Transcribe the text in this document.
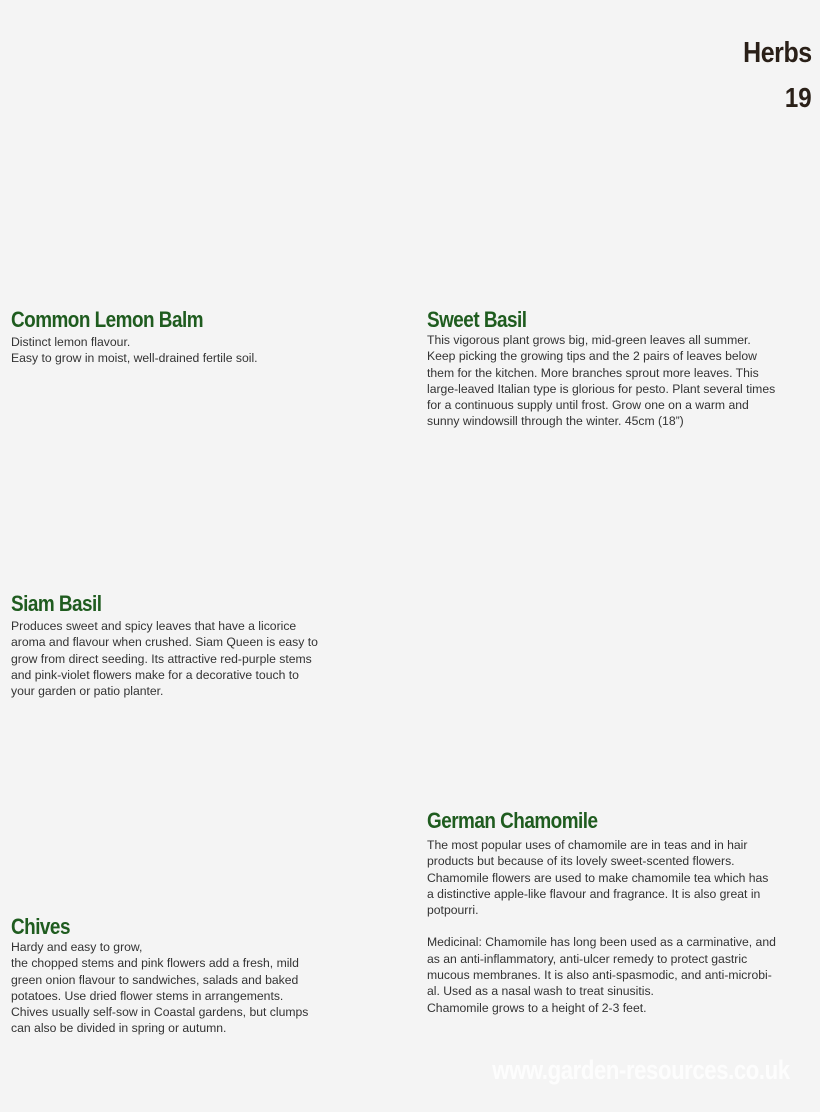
Herbs
19
Common Lemon Balm

Distinct lemon flavour.
Easy to grow in moist, well-drained fertile soil.

Sweet Basil

This vigorous plant grows big, mid-green leaves all summer.
Keep picking the growing tips and the 2 pairs of leaves below
them for the kitchen. More branches sprout more leaves. This
large-leaved Italian type is glorious for pesto. Plant several times
for a continuous supply until frost. Grow one on a warm and
sunny windowsill through the winter. 45cm (18”)

Siam Basil

Produces sweet and spicy leaves that have a licorice
aroma and flavour when crushed. Siam Queen is easy to
grow from direct seeding. Its attractive red-purple stems
and pink-violet flowers make for a decorative touch to
your garden or patio planter.

German Chamomile

The most popular uses of chamomile are in teas and in hair
products but because of its lovely sweet-scented flowers.
Chamomile flowers are used to make chamomile tea which has
a distinctive apple-like flavour and fragrance. It is also great in
potpourri.

Medicinal: Chamomile has long been used as a carminative, and
as an anti-inflammatory, anti-ulcer remedy to protect gastric
mucous membranes. It is also anti-spasmodic, and anti-microbi-
al. Used as a nasal wash to treat sinusitis.
Chamomile grows to a height of 2-3 feet.

Chives

Hardy and easy to grow,
the chopped stems and pink flowers add a fresh, mild
green onion flavour to sandwiches, salads and baked
potatoes. Use dried flower stems in arrangements.
Chives usually self-sow in Coastal gardens, but clumps
can also be divided in spring or autumn.

www.garden-resources.co.uk
